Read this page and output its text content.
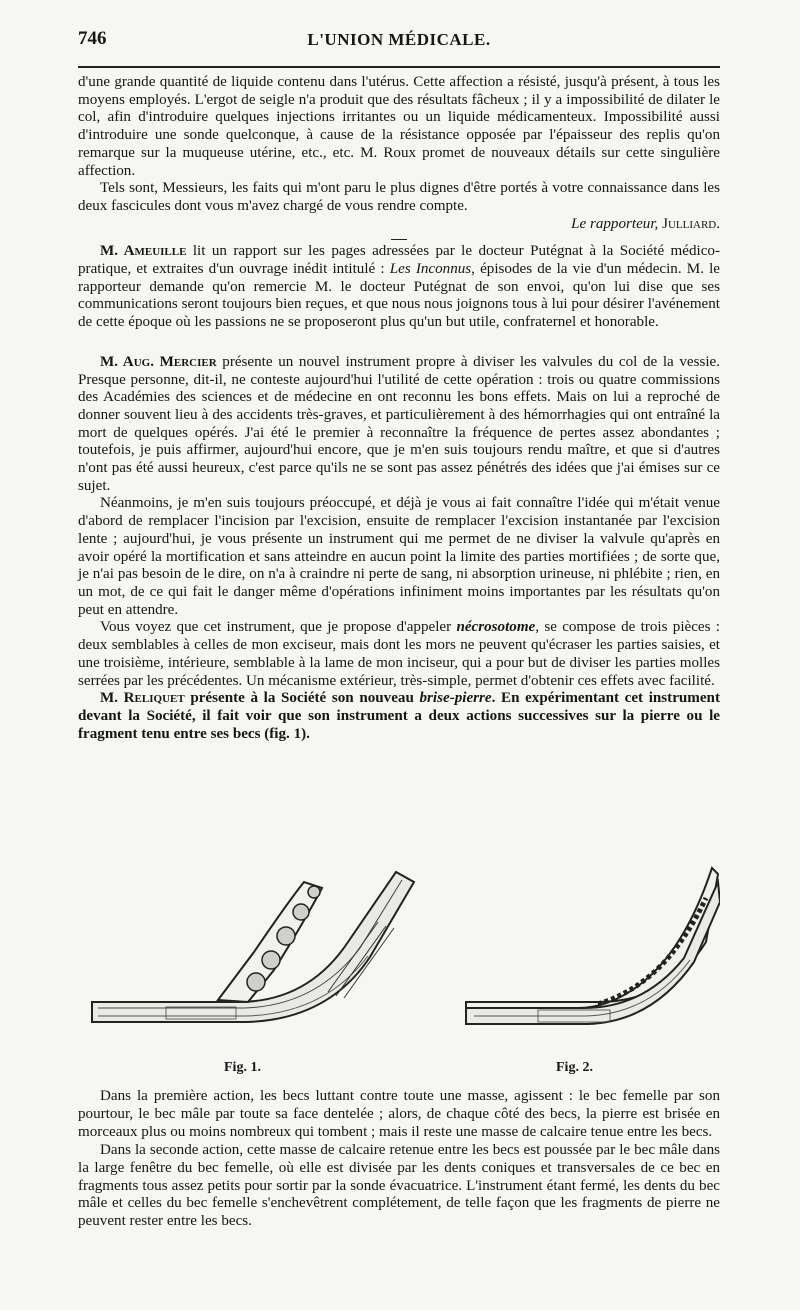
746	L'UNION MÉDICALE.

d'une grande quantité de liquide contenu dans l'utérus. Cette affection a résisté, jusqu'à présent, à tous les moyens employés. L'ergot de seigle n'a produit que des résultats fâcheux ; il y a impossibilité de dilater le col, afin d'introduire quelques injections irritantes ou un liquide médicamenteux. Impossibilité aussi d'introduire une sonde quelconque, à cause de la résistance opposée par l'épaisseur des replis qu'on remarque sur la muqueuse utérine, etc., etc. M. Roux promet de nouveaux détails sur cette singulière affection.

Tels sont, Messieurs, les faits qui m'ont paru le plus dignes d'être portés à votre connaissance dans les deux fascicules dont vous m'avez chargé de vous rendre compte.

Le rapporteur, Julliard.

M. Ameuille lit un rapport sur les pages adressées par le docteur Putégnat à la Société médico-pratique, et extraites d'un ouvrage inédit intitulé : Les Inconnus, épisodes de la vie d'un médecin. M. le rapporteur demande qu'on remercie M. le docteur Putégnat de son envoi, qu'on lui dise que ses communications seront toujours bien reçues, et que nous nous joignons tous à lui pour désirer l'avénement de cette époque où les passions ne se proposeront plus qu'un but utile, confraternel et honorable.

M. Aug. Mercier présente un nouvel instrument propre à diviser les valvules du col de la vessie. Presque personne, dit-il, ne conteste aujourd'hui l'utilité de cette opération : trois ou quatre commissions des Académies des sciences et de médecine en ont reconnu les bons effets. Mais on lui a reproché de donner souvent lieu à des accidents très-graves, et particulièrement à des hémorrhagies qui ont entraîné la mort de quelques opérés. J'ai été le premier à reconnaître la fréquence de pertes assez abondantes ; toutefois, je puis affirmer, aujourd'hui encore, que je m'en suis toujours rendu maître, et que si d'autres n'ont pas été aussi heureux, c'est parce qu'ils ne se sont pas assez pénétrés des idées que j'ai émises sur ce sujet.

Néanmoins, je m'en suis toujours préoccupé, et déjà je vous ai fait connaître l'idée qui m'était venue d'abord de remplacer l'incision par l'excision, ensuite de remplacer l'excision instantanée par l'excision lente ; aujourd'hui, je vous présente un instrument qui me permet de ne diviser la valvule qu'après en avoir opéré la mortification et sans atteindre en aucun point la limite des parties mortifiées ; de sorte que, je n'ai pas besoin de le dire, on n'a à craindre ni perte de sang, ni absorption urineuse, ni phlébite ; rien, en un mot, de ce qui fait le danger même d'opérations infiniment moins importantes par les résultats qu'on peut en attendre.

Vous voyez que cet instrument, que je propose d'appeler nécrosotome, se compose de trois pièces : deux semblables à celles de mon exciseur, mais dont les mors ne peuvent qu'écraser les parties saisies, et une troisième, intérieure, semblable à la lame de mon inciseur, qui a pour but de diviser les parties molles serrées par les précédentes. Un mécanisme extérieur, très-simple, permet d'obtenir ces effets avec facilité.

M. Reliquet présente à la Société son nouveau brise-pierre. En expérimentant cet instrument devant la Société, il fait voir que son instrument a deux actions successives sur la pierre ou le fragment tenu entre ses becs (fig. 1).

Fig. 1.	Fig. 2.

Dans la première action, les becs luttant contre toute une masse, agissent : le bec femelle par son pourtour, le bec mâle par toute sa face dentelée ; alors, de chaque côté des becs, la pierre est brisée en morceaux plus ou moins nombreux qui tombent ; mais il reste une masse de calcaire tenue entre les becs.

Dans la seconde action, cette masse de calcaire retenue entre les becs est poussée par le bec mâle dans la large fenêtre du bec femelle, où elle est divisée par les dents coniques et transversales de ce bec en fragments tous assez petits pour sortir par la sonde évacuatrice. L'instrument étant fermé, les dents du bec mâle et celles du bec femelle s'enchevêtrent complétement, de telle façon que les fragments de pierre ne peuvent rester entre les becs.
